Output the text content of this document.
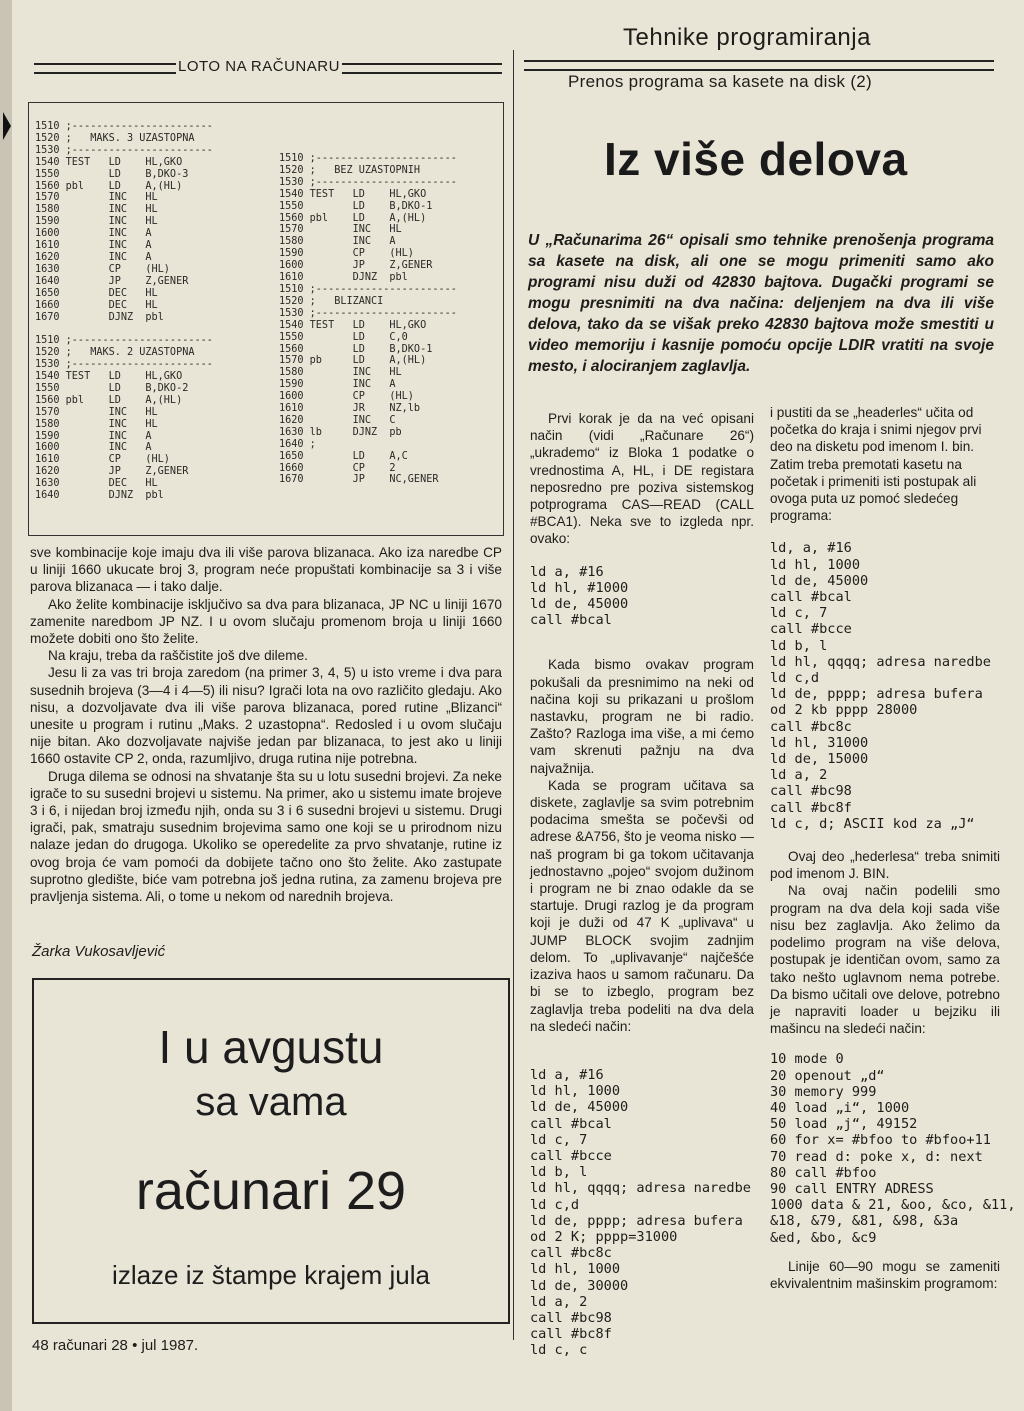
LOTO NA RAČUNARU
Tehnike programiranja
Prenos programa sa kasete na disk (2)
1510 ;-----------------------
1520 ;   MAKS. 3 UZASTOPNA
1530 ;-----------------------
1540 TEST   LD    HL,GKO
1550        LD    B,DKO-3
1560 pbl    LD    A,(HL)
1570        INC   HL
1580        INC   HL
1590        INC   HL
1600        INC   A
1610        INC   A
1620        INC   A
1630        CP    (HL)
1640        JP    Z,GENER
1650        DEC   HL
1660        DEC   HL
1670        DJNZ  pbl

1510 ;-----------------------
1520 ;   MAKS. 2 UZASTOPNA
1530 ;-----------------------
1540 TEST   LD    HL,GKO
1550        LD    B,DKO-2
1560 pbl    LD    A,(HL)
1570        INC   HL
1580        INC   HL
1590        INC   A
1600        INC   A
1610        CP    (HL)
1620        JP    Z,GENER
1630        DEC   HL
1640        DJNZ  pbl
1510 ;-----------------------
1520 ;   BEZ UZASTOPNIH
1530 ;-----------------------
1540 TEST   LD    HL,GKO
1550        LD    B,DKO-1
1560 pbl    LD    A,(HL)
1570        INC   HL
1580        INC   A
1590        CP    (HL)
1600        JP    Z,GENER
1610        DJNZ  pbl
1510 ;-----------------------
1520 ;   BLIZANCI
1530 ;-----------------------
1540 TEST   LD    HL,GKO
1550        LD    C,0
1560        LD    B,DKO-1
1570 pb     LD    A,(HL)
1580        INC   HL
1590        INC   A
1600        CP    (HL)
1610        JR    NZ,lb
1620        INC   C
1630 lb     DJNZ  pb
1640 ;
1650        LD    A,C
1660        CP    2
1670        JP    NC,GENER

sve kombinacije koje imaju dva ili više parova blizanaca. Ako iza naredbe CP u liniji 1660 ukucate broj 3, program neće propuštati kombinacije sa 3 i više parova blizanaca — i tako dalje.

Ako želite kombinacije isključivo sa dva para blizanaca, JP NC u liniji 1670 zamenite naredbom JP NZ. I u ovom slučaju promenom broja u liniji 1660 možete dobiti ono što želite.

Na kraju, treba da raščistite još dve dileme.

Jesu li za vas tri broja zaredom (na primer 3, 4, 5) u isto vreme i dva para susednih brojeva (3—4 i 4—5) ili nisu? Igrači lota na ovo različito gledaju. Ako nisu, a dozvoljavate dva ili više parova blizanaca, pored rutine „Blizanci“ unesite u program i rutinu „Maks. 2 uzastopna“. Redosled i u ovom slučaju nije bitan. Ako dozvoljavate najviše jedan par blizanaca, to jest ako u liniji 1660 ostavite CP 2, onda, razumljivo, druga rutina nije potrebna.

Druga dilema se odnosi na shvatanje šta su u lotu susedni brojevi. Za neke igrače to su susedni brojevi u sistemu. Na primer, ako u sistemu imate brojeve 3 i 6, i nijedan broj između njih, onda su 3 i 6 susedni brojevi u sistemu. Drugi igrači, pak, smatraju susednim brojevima samo one koji se u prirodnom nizu nalaze jedan do drugoga. Ukoliko se operedelite za prvo shvatanje, rutine iz ovog broja će vam pomoći da dobijete tačno ono što želite. Ako zastupate suprotno gledište, biće vam potrebna još jedna rutina, za zamenu brojeva pre pravljenja sistema. Ali, o tome u nekom od narednih brojeva.

Žarka Vukosavljević
I u avgustu
sa vama
računari 29
izlaze iz štampe krajem jula
48 računari 28 • jul 1987.
Iz više delova
U „Računarima 26“ opisali smo tehnike prenošenja programa sa kasete na disk, ali one se mogu primeniti samo ako programi nisu duži od 42830 bajtova. Dugački programi se mogu presnimiti na dva načina: deljenjem na dva ili više delova, tako da se višak preko 42830 bajtova može smestiti u video memoriju i kasnije pomoću opcije LDIR vratiti na svoje mesto, i alociranjem zaglavlja.
Prvi korak je da na već opisani način (vidi „Računare 26“) „ukrademo“ iz Bloka 1 podatke o vrednostima A, HL, i DE registara neposredno pre poziva sistemskog potprograma CAS—READ (CALL #BCA1). Neka sve to izgleda npr. ovako:
ld a, #16
ld hl, #1000
ld de, 45000
call #bcal

Kada bismo ovakav program pokušali da presnimimo na neki od načina koji su prikazani u prošlom nastavku, program ne bi radio. Zašto? Razloga ima više, a mi ćemo vam skrenuti pažnju na dva najvažnija.

Kada se program učitava sa diskete, zaglavlje sa svim potrebnim podacima smešta se počevši od adrese &A756, što je veoma nisko — naš program bi ga tokom učitavanja jednostavno „pojeo“ svojom dužinom i program ne bi znao odakle da se startuje. Drugi razlog je da program koji je duži od 47 K „uplivava“ u JUMP BLOCK svojim zadnjim delom. To „uplivavanje“ najčešće izaziva haos u samom računaru. Da bi se to izbeglo, program bez zaglavlja treba podeliti na dva dela na sledeći način:

ld a, #16
ld hl, 1000
ld de, 45000
call #bcal
ld c, 7
call #bcce
ld b, l
ld hl, qqqq; adresa naredbe
ld c,d
ld de, pppp; adresa bufera
od 2 K; pppp=31000
call #bc8c
ld hl, 1000
ld de, 30000
ld a, 2
call #bc98
call #bc8f
ld c, c
i pustiti da se „headerles“ učita od početka do kraja i snimi njegov prvi deo na disketu pod imenom I. bin. Zatim treba premotati kasetu na početak i primeniti isti postupak ali ovoga puta uz pomoć sledećeg programa:
ld, a, #16
ld hl, 1000
ld de, 45000
call #bcal
ld c, 7
call #bcce
ld b, l
ld hl, qqqq; adresa naredbe
ld c,d
ld de, pppp; adresa bufera
od 2 kb pppp 28000
call #bc8c
ld hl, 31000
ld de, 15000
ld a, 2
call #bc98
call #bc8f
ld c, d; ASCII kod za „J“

Ovaj deo „hederlesa“ treba snimiti pod imenom J. BIN.

Na ovaj način podelili smo program na dva dela koji sada više nisu bez zaglavlja. Ako želimo da podelimo program na više delova, postupak je identičan ovom, samo za tako nešto uglavnom nema potrebe. Da bismo učitali ove delove, potrebno je napraviti loader u bejziku ili mašincu na sledeći način:

10 mode 0
20 openout „d“
30 memory 999
40 load „i“, 1000
50 load „j“, 49152
60 for x= #bfoo to #bfoo+11
70 read d: poke x, d: next
80 call #bfoo
90 call ENTRY ADRESS
1000 data & 21, &oo, &co, &11,
&18, &79, &81, &98, &3a
&ed, &bo, &c9
Linije 60—90 mogu se zameniti ekvivalentnim mašinskim programom:
